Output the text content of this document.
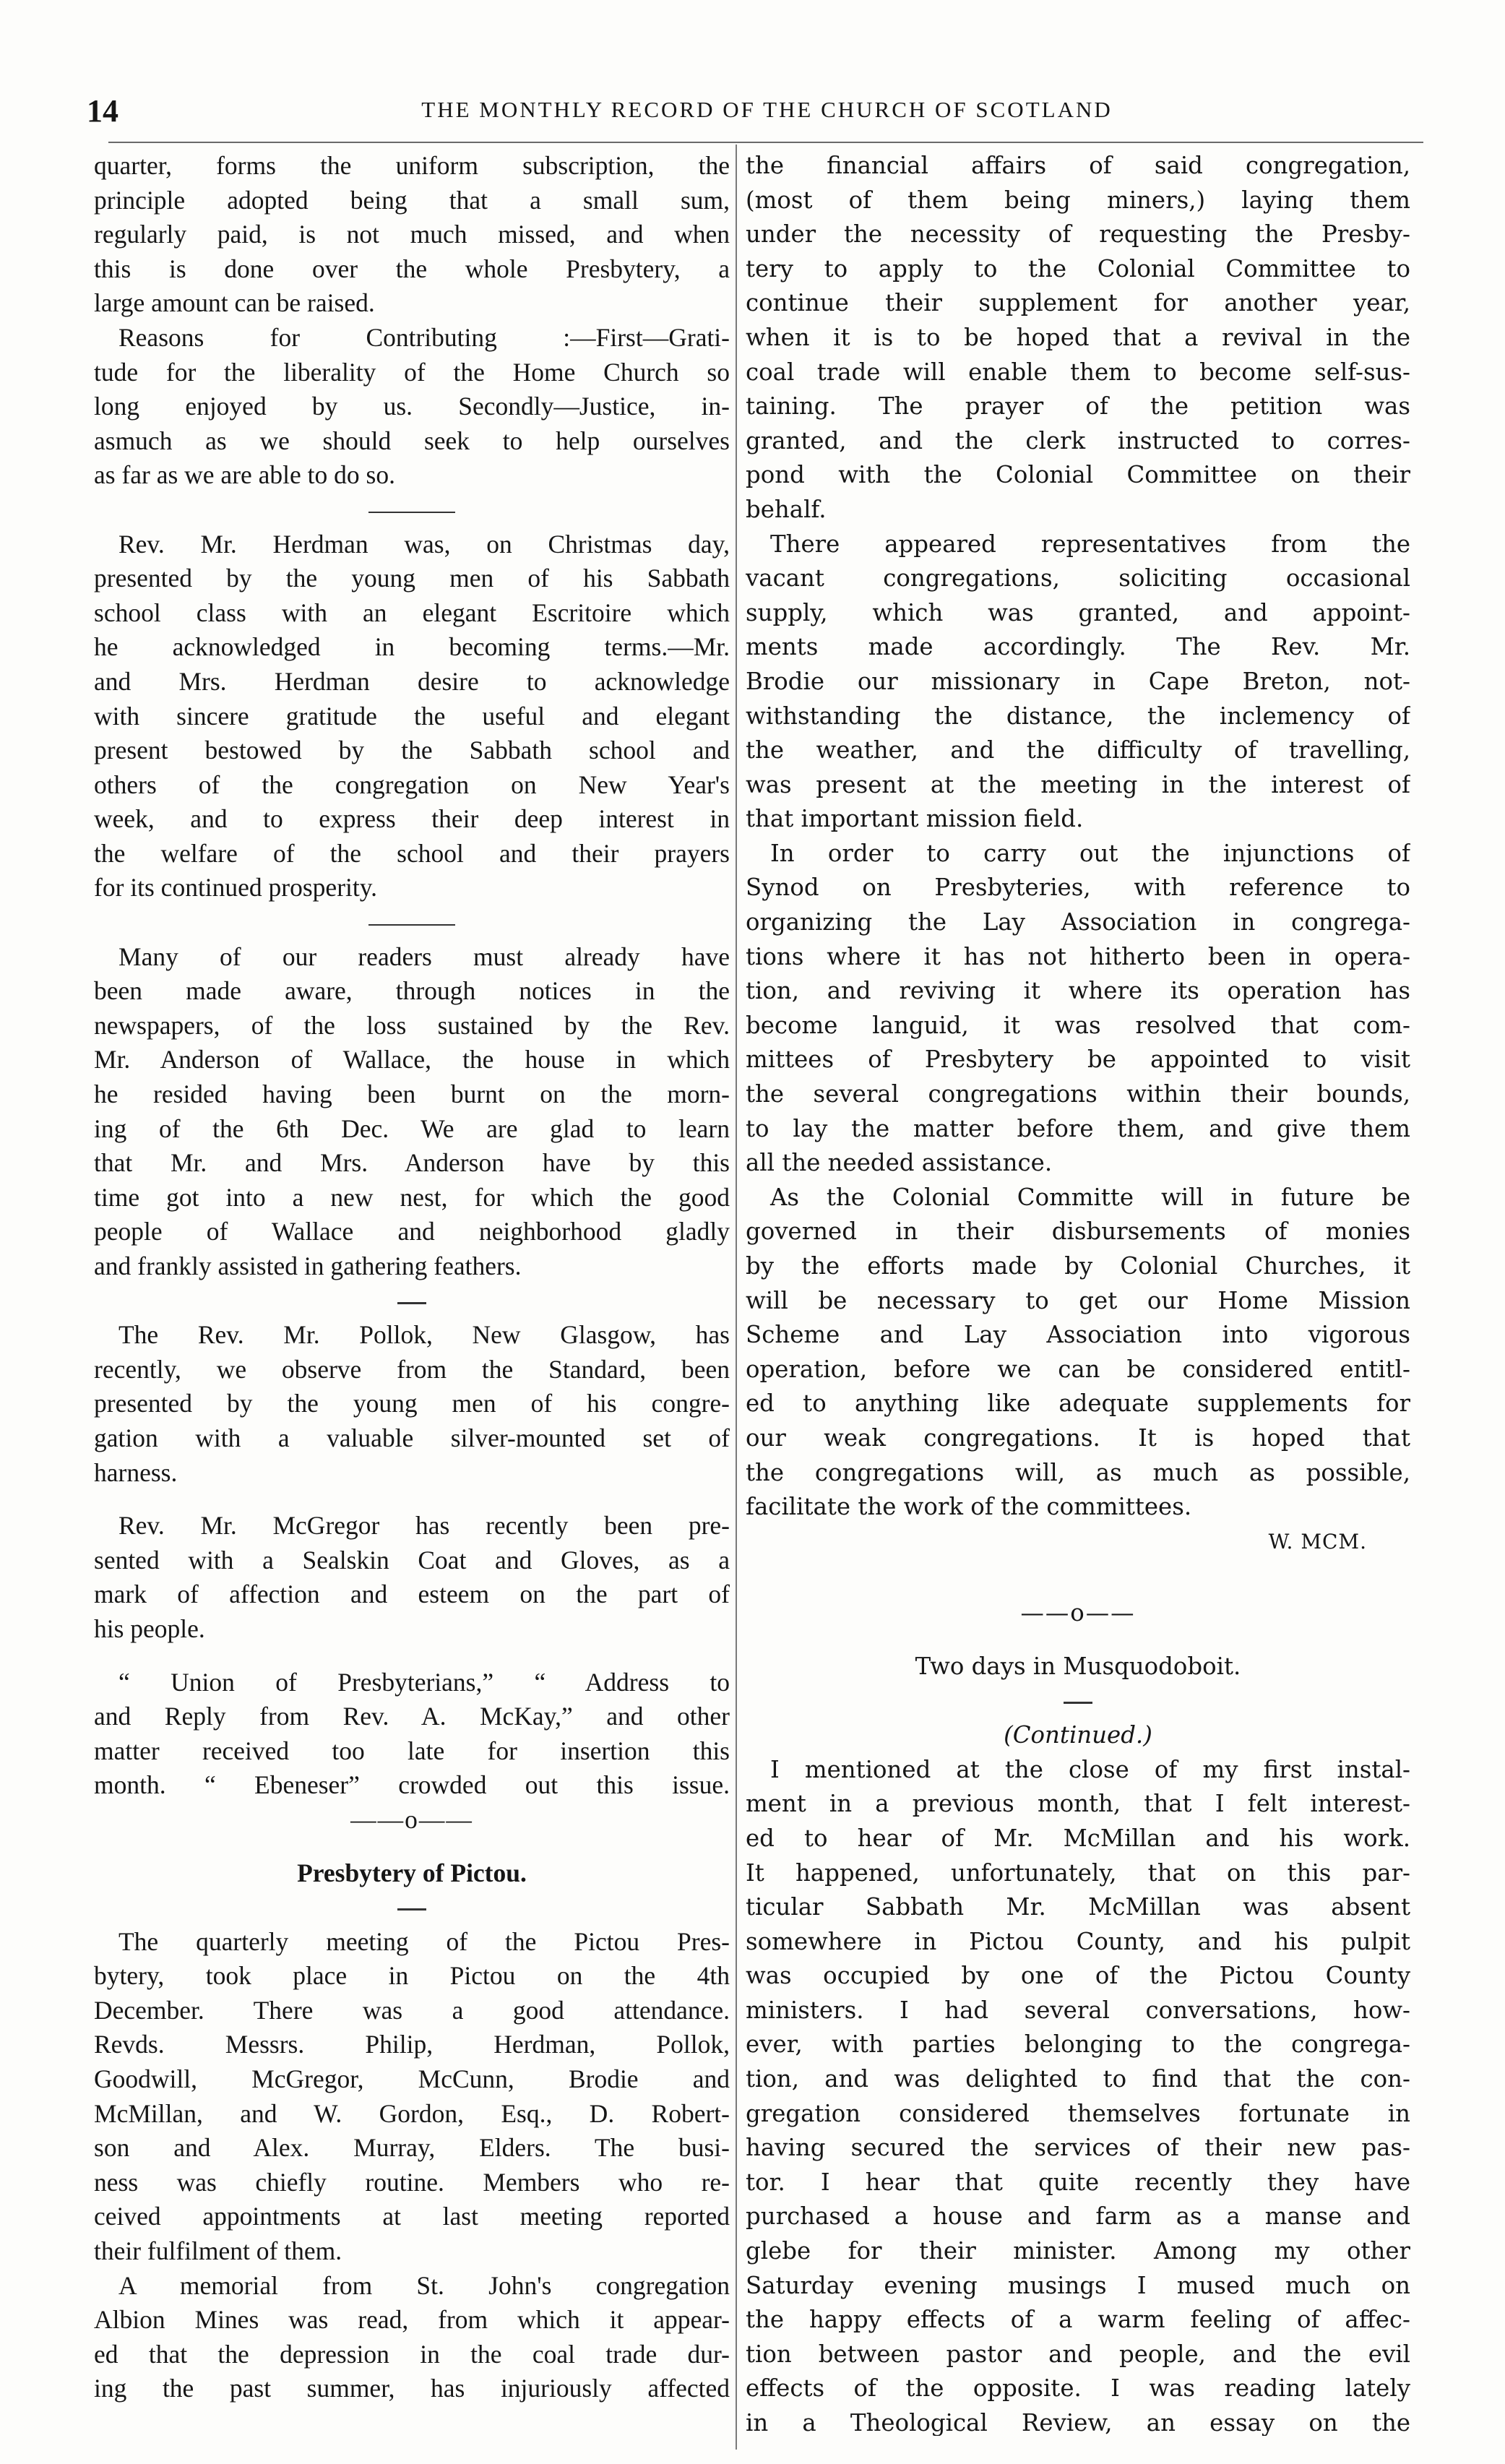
14	THE MONTHLY RECORD OF THE CHURCH OF SCOTLAND
quarter, forms the uniform subscription, the
principle adopted being that a small sum,
regularly paid, is not much missed, and when
this is done over the whole Presbytery, a
large amount can be raised.
Reasons for Contributing :—First—Grati-
tude for the liberality of the Home Church so
long enjoyed by us. Secondly—Justice, in-
asmuch as we should seek to help ourselves
as far as we are able to do so.
Rev. Mr. Herdman was, on Christmas day,
presented by the young men of his Sabbath
school class with an elegant Escritoire which
he acknowledged in becoming terms.—Mr.
and Mrs. Herdman desire to acknowledge
with sincere gratitude the useful and elegant
present bestowed by the Sabbath school and
others of the congregation on New Year's
week, and to express their deep interest in
the welfare of the school and their prayers
for its continued prosperity.
Many of our readers must already have
been made aware, through notices in the
newspapers, of the loss sustained by the Rev.
Mr. Anderson of Wallace, the house in which
he resided having been burnt on the morn-
ing of the 6th Dec. We are glad to learn
that Mr. and Mrs. Anderson have by this
time got into a new nest, for which the good
people of Wallace and neighborhood gladly
and frankly assisted in gathering feathers.
The Rev. Mr. Pollok, New Glasgow, has
recently, we observe from the Standard, been
presented by the young men of his congre-
gation with a valuable silver-mounted set of
harness.
Rev. Mr. McGregor has recently been pre-
sented with a Sealskin Coat and Gloves, as a
mark of affection and esteem on the part of
his people.
“ Union of Presbyterians,” “ Address to
and Reply from Rev. A. McKay,” and other
matter received too late for insertion this
month. “ Ebeneser” crowded out this issue.
——o——
Presbytery of Pictou.
The quarterly meeting of the Pictou Pres-
bytery, took place in Pictou on the 4th
December. There was a good attendance.
Revds. Messrs. Philip, Herdman, Pollok,
Goodwill, McGregor, McCunn, Brodie and
McMillan, and W. Gordon, Esq., D. Robert-
son and Alex. Murray, Elders. The busi-
ness was chiefly routine. Members who re-
ceived appointments at last meeting reported
their fulfilment of them.
A memorial from St. John's congregation
Albion Mines was read, from which it appear-
ed that the depression in the coal trade dur-
ing the past summer, has injuriously affected
the financial affairs of said congregation,
(most of them being miners,) laying them
under the necessity of requesting the Presby-
tery to apply to the Colonial Committee to
continue their supplement for another year,
when it is to be hoped that a revival in the
coal trade will enable them to become self-sus-
taining. The prayer of the petition was
granted, and the clerk instructed to corres-
pond with the Colonial Committee on their
behalf.
There appeared representatives from the
vacant congregations, soliciting occasional
supply, which was granted, and appoint-
ments made accordingly. The Rev. Mr.
Brodie our missionary in Cape Breton, not-
withstanding the distance, the inclemency of
the weather, and the difficulty of travelling,
was present at the meeting in the interest of
that important mission field.
In order to carry out the injunctions of
Synod on Presbyteries, with reference to
organizing the Lay Association in congrega-
tions where it has not hitherto been in opera-
tion, and reviving it where its operation has
become languid, it was resolved that com-
mittees of Presbytery be appointed to visit
the several congregations within their bounds,
to lay the matter before them, and give them
all the needed assistance.
As the Colonial Committe will in future be
governed in their disbursements of monies
by the efforts made by Colonial Churches, it
will be necessary to get our Home Mission
Scheme and Lay Association into vigorous
operation, before we can be considered entitl-
ed to anything like adequate supplements for
our weak congregations. It is hoped that
the congregations will, as much as possible,
facilitate the work of the committees.
W. MCM.
——o——
Two days in Musquodoboit.
(Continued.)
I mentioned at the close of my first instal-
ment in a previous month, that I felt interest-
ed to hear of Mr. McMillan and his work.
It happened, unfortunately, that on this par-
ticular Sabbath Mr. McMillan was absent
somewhere in Pictou County, and his pulpit
was occupied by one of the Pictou County
ministers. I had several conversations, how-
ever, with parties belonging to the congrega-
tion, and was delighted to find that the con-
gregation considered themselves fortunate in
having secured the services of their new pas-
tor. I hear that quite recently they have
purchased a house and farm as a manse and
glebe for their minister. Among my other
Saturday evening musings I mused much on
the happy effects of a warm feeling of affec-
tion between pastor and people, and the evil
effects of the opposite. I was reading lately
in a Theological Review, an essay on the
